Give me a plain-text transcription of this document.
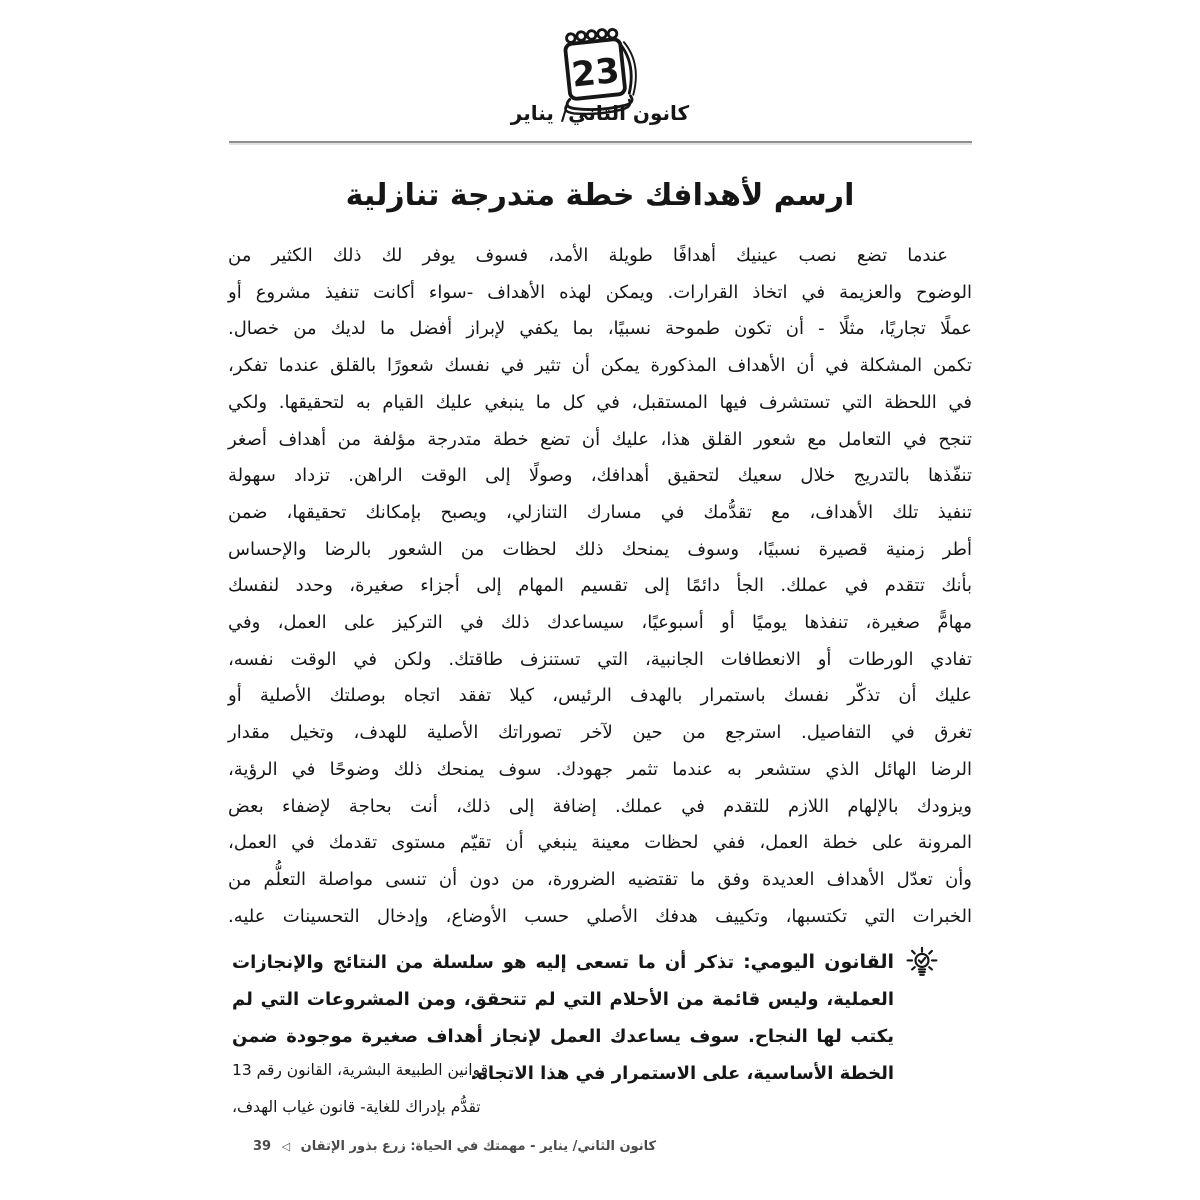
23
كانون الثاني/ يناير
ارسم لأهدافك خطة متدرجة تنازلية
عندما تضع نصب عينيك أهدافًا طويلة الأمد، فسوف يوفر لك ذلك الكثير من
الوضوح والعزيمة في اتخاذ القرارات. ويمكن لهذه الأهداف -سواء أكانت تنفيذ مشروع أو
عملًا تجاريًا، مثلًا - أن تكون طموحة نسبيًا، بما يكفي لإبراز أفضل ما لديك من خصال.
تكمن المشكلة في أن الأهداف المذكورة يمكن أن تثير في نفسك شعورًا بالقلق عندما تفكر،
في اللحظة التي تستشرف فيها المستقبل، في كل ما ينبغي عليك القيام به لتحقيقها. ولكي
تنجح في التعامل مع شعور القلق هذا، عليك أن تضع خطة متدرجة مؤلفة من أهداف أصغر
تنفّذها بالتدريج خلال سعيك لتحقيق أهدافك، وصولًا إلى الوقت الراهن. تزداد سهولة
تنفيذ تلك الأهداف، مع تقدُّمك في مسارك التنازلي، ويصبح بإمكانك تحقيقها، ضمن
أطر زمنية قصيرة نسبيًا، وسوف يمنحك ذلك لحظات من الشعور بالرضا والإحساس
بأنك تتقدم في عملك. الجأ دائمًا إلى تقسيم المهام إلى أجزاء صغيرة، وحدد لنفسك
مهامًّ صغيرة، تنفذها يوميًا أو أسبوعيًا، سيساعدك ذلك في التركيز على العمل، وفي
تفادي الورطات أو الانعطافات الجانبية، التي تستنزف طاقتك. ولكن في الوقت نفسه،
عليك أن تذكّر نفسك باستمرار بالهدف الرئيس، كيلا تفقد اتجاه بوصلتك الأصلية أو
تغرق في التفاصيل. استرجع من حين لآخر تصوراتك الأصلية للهدف، وتخيل مقدار
الرضا الهائل الذي ستشعر به عندما تثمر جهودك. سوف يمنحك ذلك وضوحًا في الرؤية،
ويزودك بالإلهام اللازم للتقدم في عملك. إضافة إلى ذلك، أنت بحاجة لإضفاء بعض
المرونة على خطة العمل، ففي لحظات معينة ينبغي أن تقيّم مستوى تقدمك في العمل،
وأن تعدّل الأهداف العديدة وفق ما تقتضيه الضرورة، من دون أن تنسى مواصلة التعلُّم من
الخبرات التي تكتسبها، وتكييف هدفك الأصلي حسب الأوضاع، وإدخال التحسينات عليه.

القانون اليومي: تذكر أن ما تسعى إليه هو سلسلة من النتائج والإنجازات العملية، وليس قائمة من الأحلام التي لم تتحقق، ومن المشروعات التي لم يكتب لها النجاح. سوف يساعدك العمل لإنجاز أهداف صغيرة موجودة ضمن الخطة الأساسية، على الاستمرار في هذا الاتجاه.

قوانين الطبيعة البشرية، القانون رقم 13
تقدُّم بإدراك للغاية- قانون غياب الهدف،
كانون الثاني/ يناير - مهمتك في الحياة: زرع بذور الإتقان ◁ 39
